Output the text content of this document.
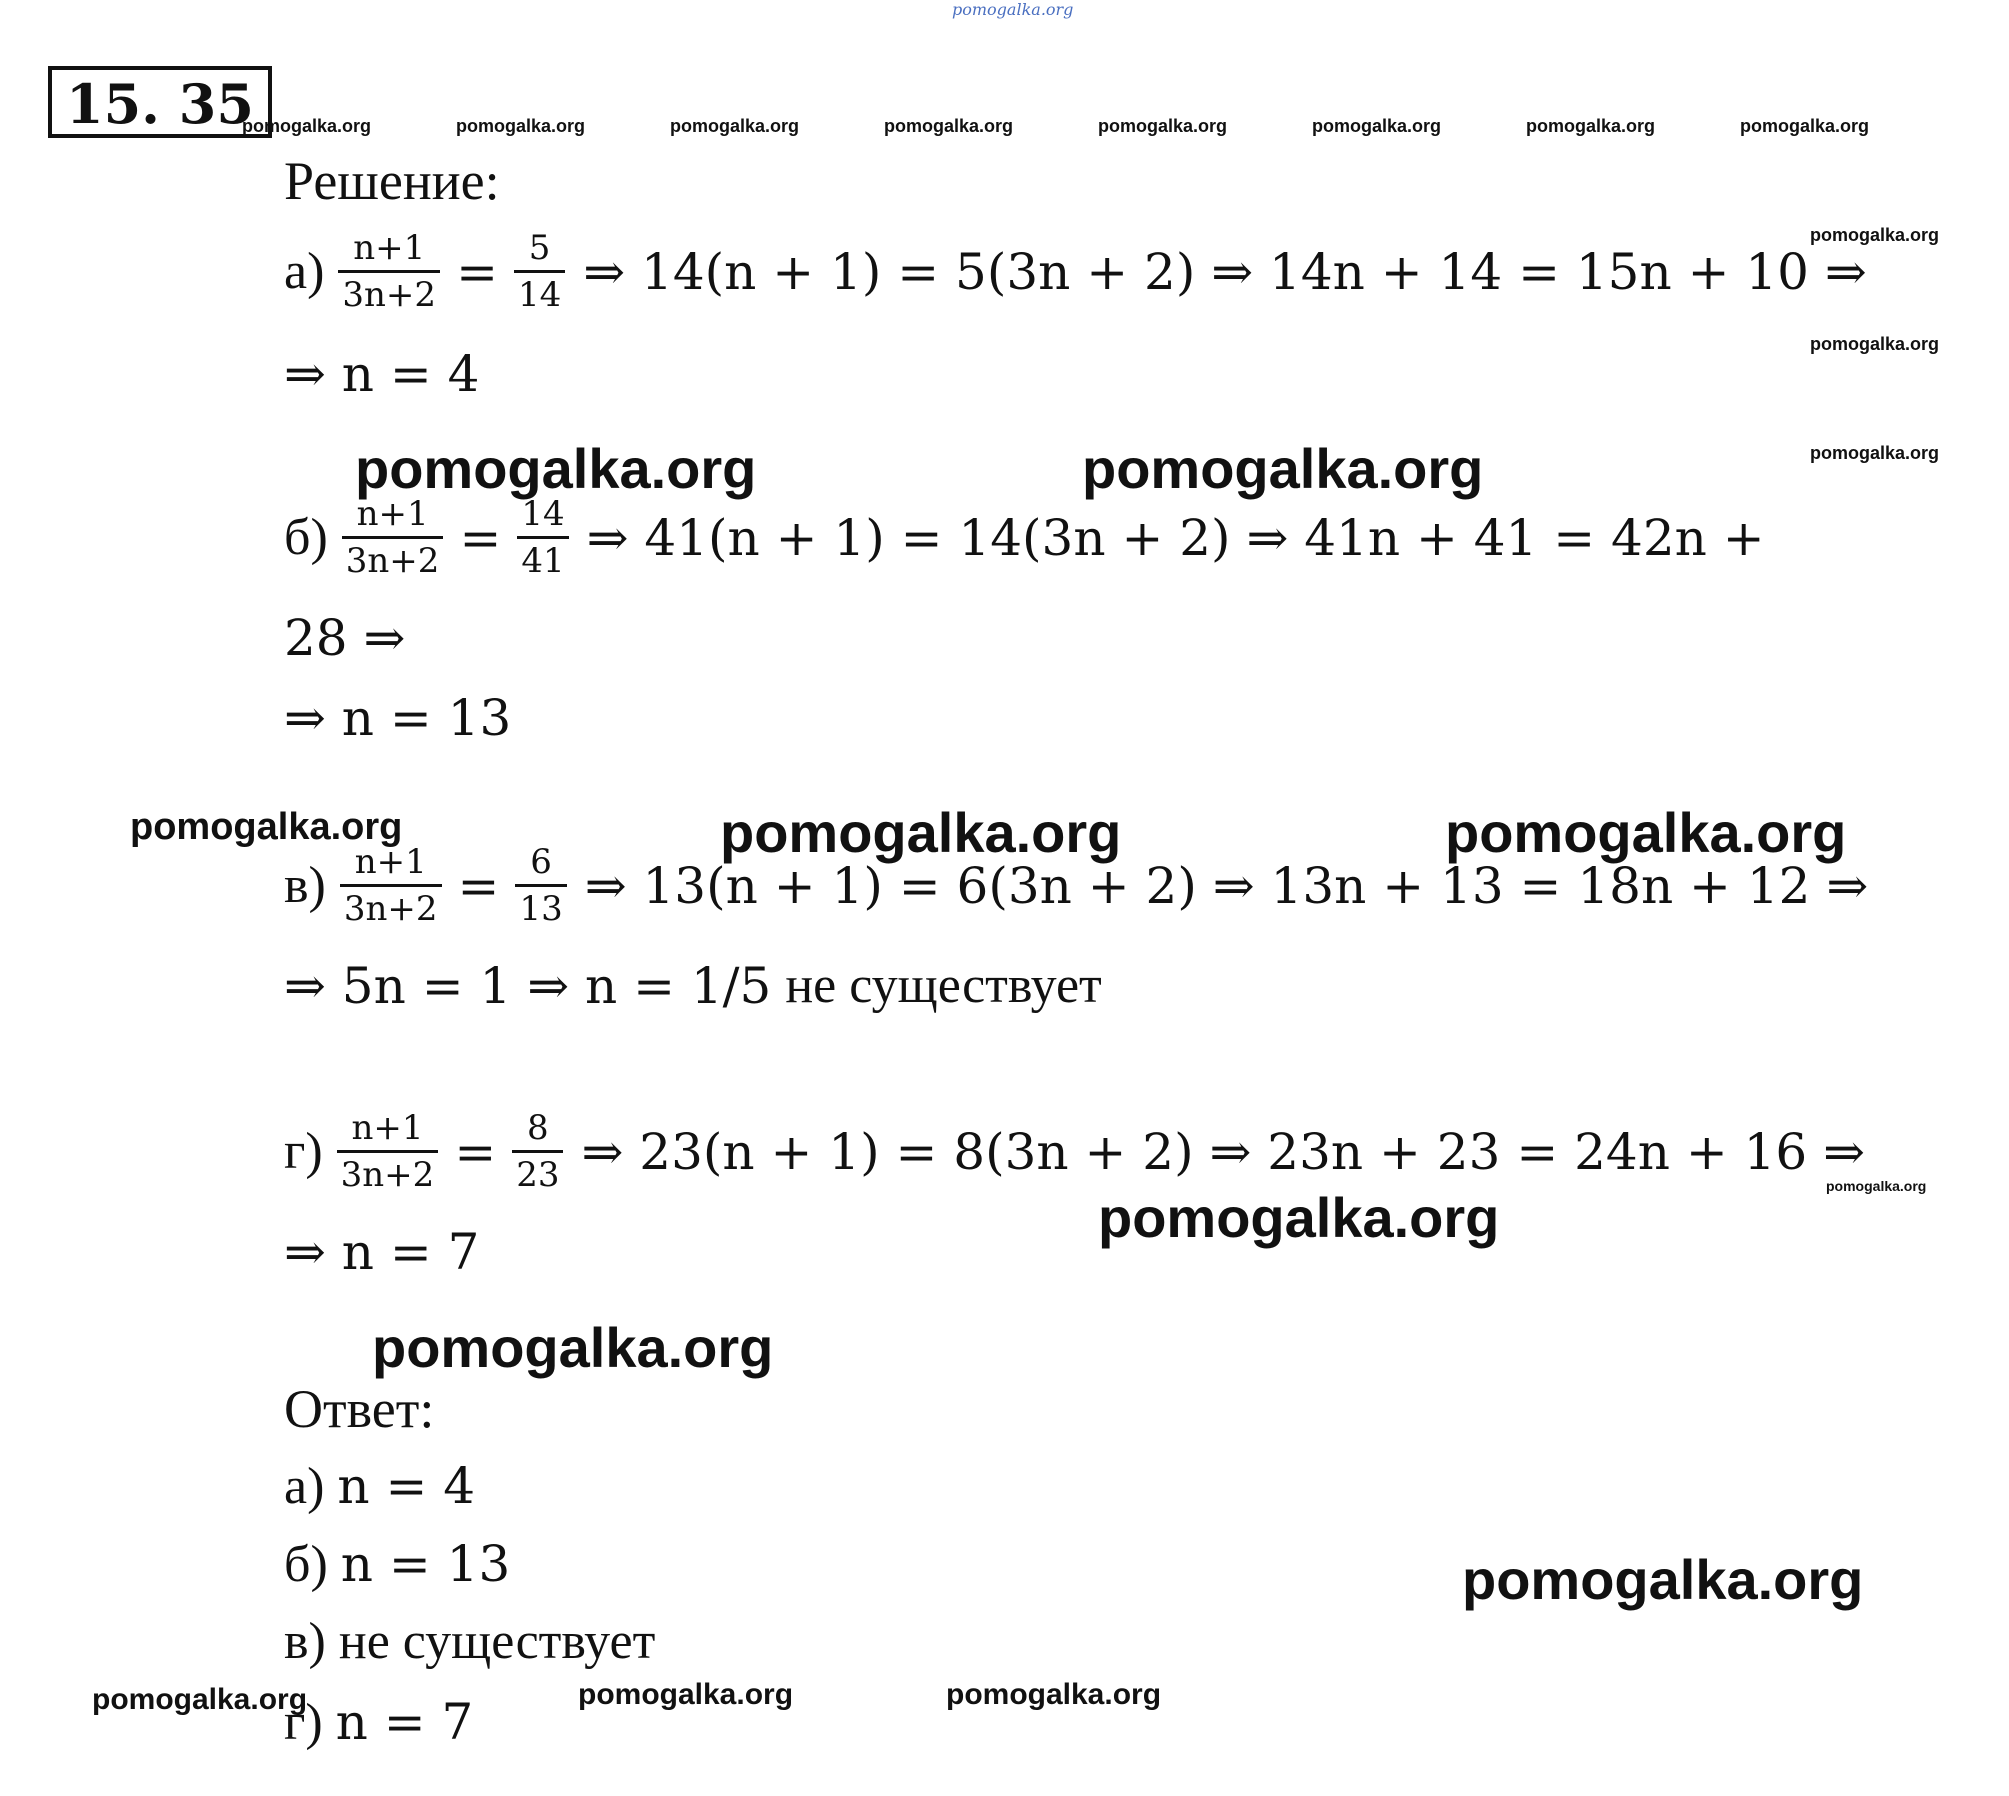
pomogalka.org
15. 35
pomogalka.org	pomogalka.org	pomogalka.org	pomogalka.org	pomogalka.org	pomogalka.org	pomogalka.org	pomogalka.org
pomogalka.org
pomogalka.org
pomogalka.org
pomogalka.org
pomogalka.org	pomogalka.org
pomogalka.org	pomogalka.org
pomogalka.org
pomogalka.org
pomogalka.org
pomogalka.org
pomogalka.org	pomogalka.org	pomogalka.org
Решение:
$а) \frac{n+1}{3n+2} = \frac{5}{14}$ ⇒ 14(n + 1) = 5(3n + 2) ⇒ 14n + 14 = 15n + 10 ⇒
⇒ n = 4
$б) \frac{n+1}{3n+2} = \frac{14}{41}$ ⇒ 41(n + 1) = 14(3n + 2) ⇒ 41n + 41 = 42n +
28 ⇒
⇒ n = 13
$в) \frac{n+1}{3n+2} = \frac{6}{13}$ ⇒ 13(n + 1) = 6(3n + 2) ⇒ 13n + 13 = 18n + 12 ⇒
⇒ 5n = 1 ⇒ n = 1/5 не существует
$г) \frac{n+1}{3n+2} = \frac{8}{23}$ ⇒ 23(n + 1) = 8(3n + 2) ⇒ 23n + 23 = 24n + 16 ⇒
⇒ n = 7
Ответ:
а) n = 4
б) n = 13
в) не существует
г) n = 7
